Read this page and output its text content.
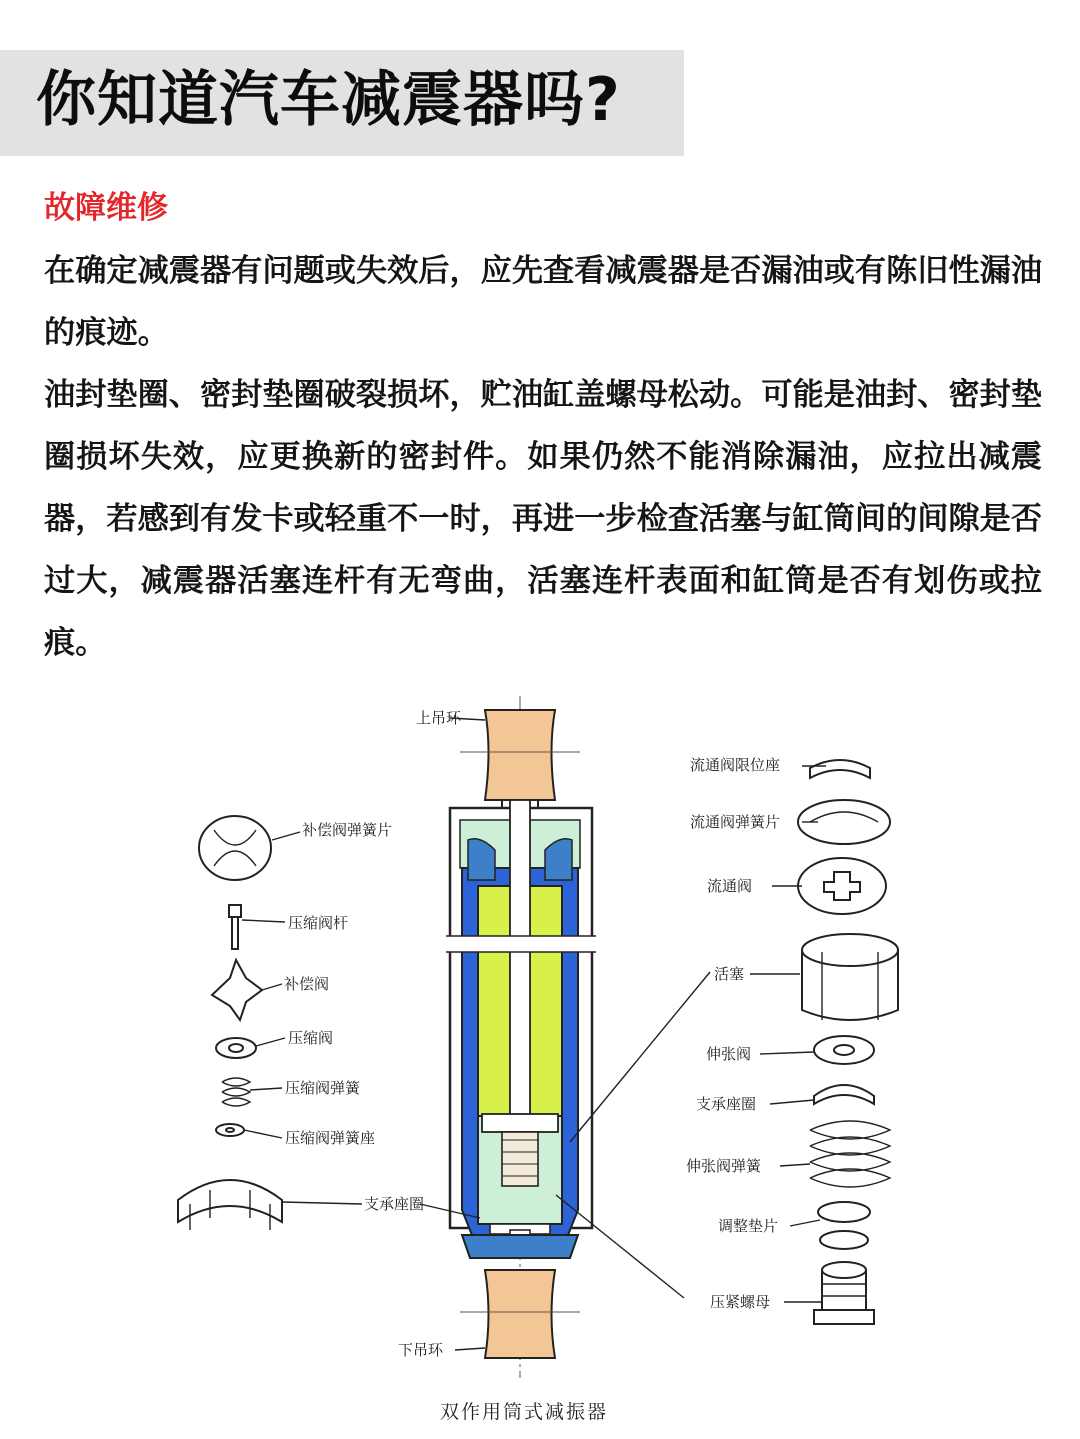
你知道汽车减震器吗?
故障维修

在确定减震器有问题或失效后，应先查看减震器是否漏油或有陈旧性漏油的痕迹。

油封垫圈、密封垫圈破裂损坏，贮油缸盖螺母松动。可能是油封、密封垫圈损坏失效，应更换新的密封件。如果仍然不能消除漏油，应拉出减震器，若感到有发卡或轻重不一时，再进一步检查活塞与缸筒间的间隙是否过大，减震器活塞连杆有无弯曲，活塞连杆表面和缸筒是否有划伤或拉痕。

补偿阀弹簧片
压缩阀杆
补偿阀
压缩阀
压缩阀弹簧
压缩阀弹簧座
支承座圈
上吊环
下吊环
流通阀限位座
流通阀弹簧片
流通阀
活塞
伸张阀
支承座圈
伸张阀弹簧
调整垫片
压紧螺母
双作用筒式减振器
